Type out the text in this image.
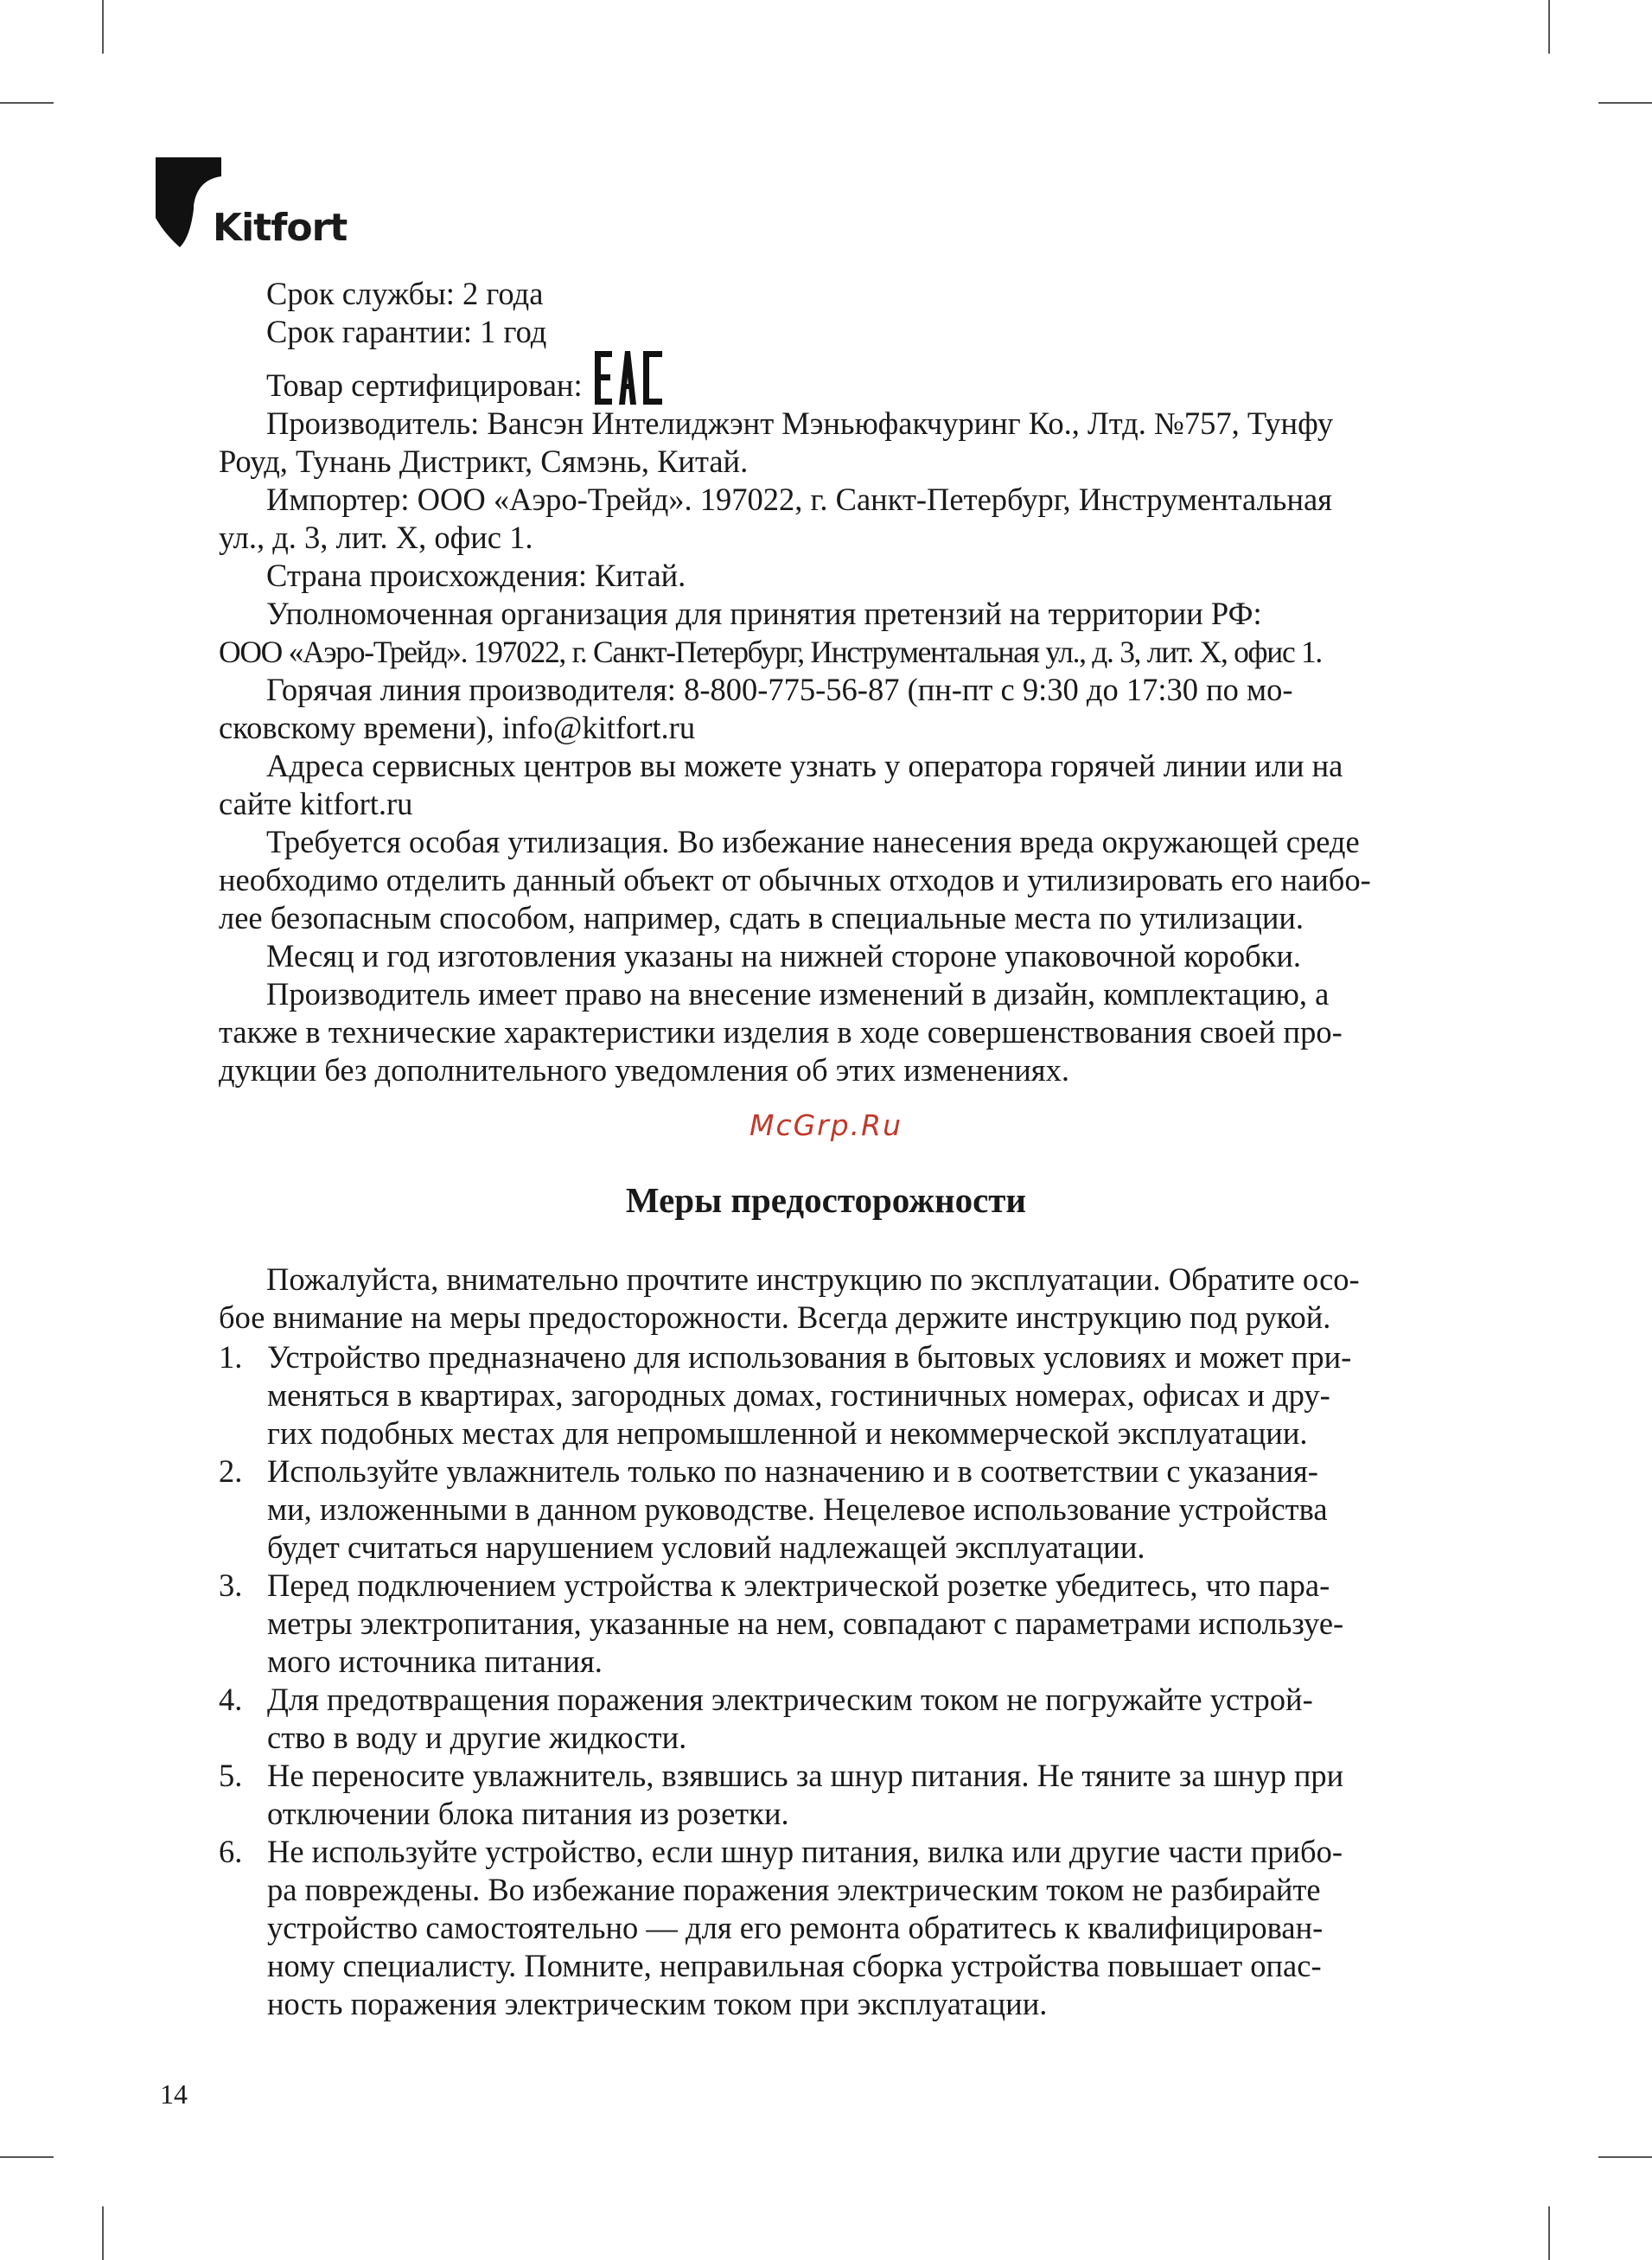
Kitfort
Срок службы: 2 года
Срок гарантии: 1 год
Товар сертифицирован:
Производитель: Вансэн Интелиджэнт Мэньюфакчуринг Ко., Лтд. №757, Тунфу
Роуд, Тунань Дистрикт, Сямэнь, Китай.
Импортер: ООО «Аэро-Трейд». 197022, г. Санкт-Петербург, Инструментальная
ул., д. 3, лит. Х, офис 1.
Страна происхождения: Китай.
Уполномоченная организация для принятия претензий на территории РФ:
ООО «Аэро-Трейд». 197022, г. Санкт-Петербург, Инструментальная ул., д. 3, лит. Х, офис 1.
Горячая линия производителя: 8-800-775-56-87 (пн-пт с 9:30 до 17:30 по мо-
сковскому времени), info@kitfort.ru
Адреса сервисных центров вы можете узнать у оператора горячей линии или на
сайте kitfort.ru
Требуется особая утилизация. Во избежание нанесения вреда окружающей среде
необходимо отделить данный объект от обычных отходов и утилизировать его наибо-
лее безопасным способом, например, сдать в специальные места по утилизации.
Месяц и год изготовления указаны на нижней стороне упаковочной коробки.
Производитель имеет право на внесение изменений в дизайн, комплектацию, а
также в технические характеристики изделия в ходе совершенствования своей про-
дукции без дополнительного уведомления об этих изменениях.
McGrp.Ru
Меры предосторожности
Пожалуйста, внимательно прочтите инструкцию по эксплуатации. Обратите осо-
бое внимание на меры предосторожности. Всегда держите инструкцию под рукой.
1. Устройство предназначено для использования в бытовых условиях и может при-
меняться в квартирах, загородных домах, гостиничных номерах, офисах и дру-
гих подобных местах для непромышленной и некоммерческой эксплуатации.
2. Используйте увлажнитель только по назначению и в соответствии с указания-
ми, изложенными в данном руководстве. Нецелевое использование устройства
будет считаться нарушением условий надлежащей эксплуатации.
3. Перед подключением устройства к электрической розетке убедитесь, что пара-
метры электропитания, указанные на нем, совпадают с параметрами используе-
мого источника питания.
4. Для предотвращения поражения электрическим током не погружайте устрой-
ство в воду и другие жидкости.
5. Не переносите увлажнитель, взявшись за шнур питания. Не тяните за шнур при
отключении блока питания из розетки.
6. Не используйте устройство, если шнур питания, вилка или другие части прибо-
ра повреждены. Во избежание поражения электрическим током не разбирайте
устройство самостоятельно — для его ремонта обратитесь к квалифицирован-
ному специалисту. Помните, неправильная сборка устройства повышает опас-
ность поражения электрическим током при эксплуатации.
14
